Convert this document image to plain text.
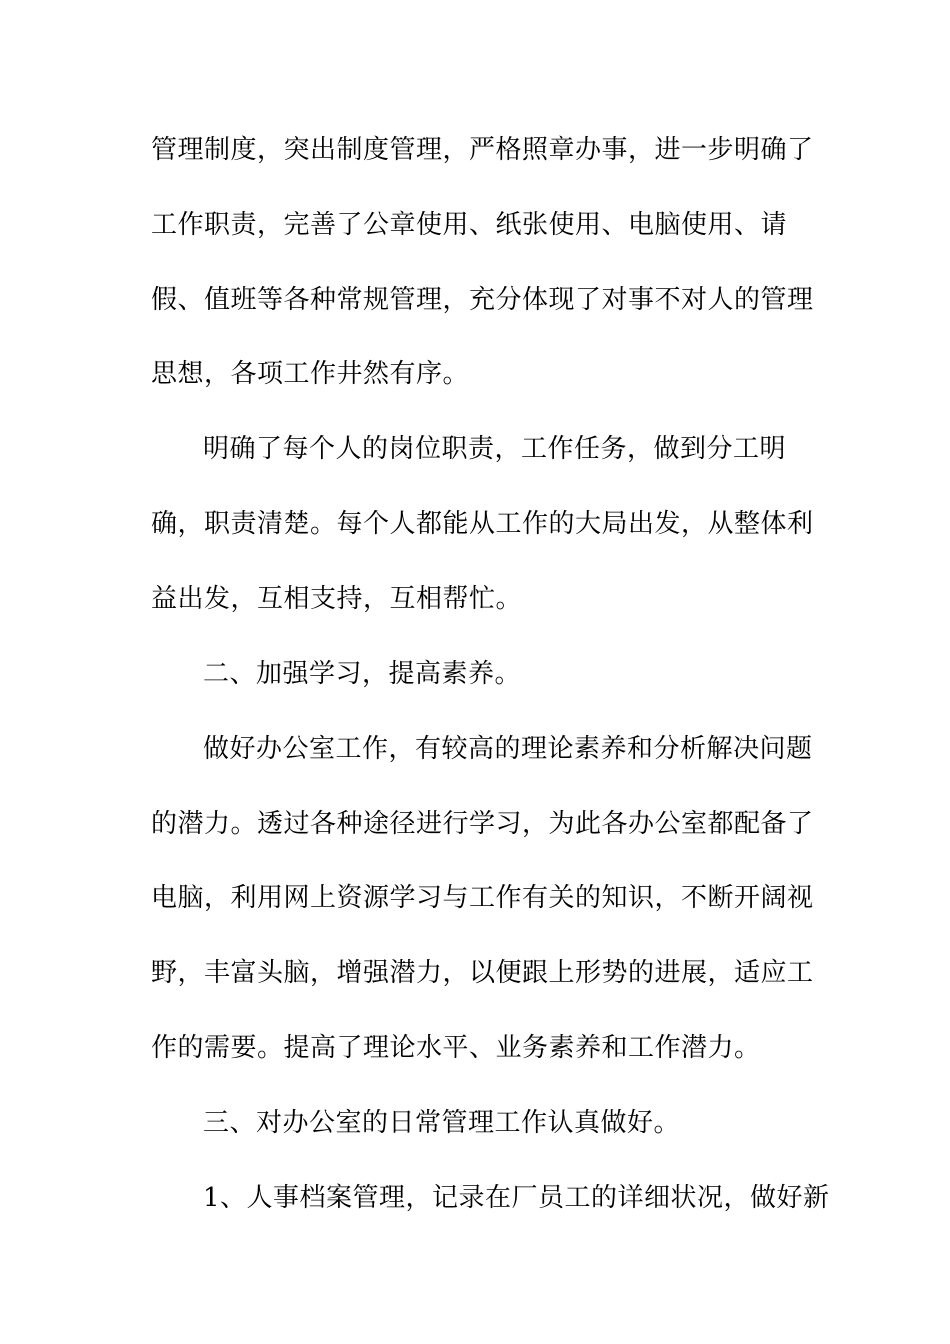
管理制度，突出制度管理，严格照章办事，进一步明确了
工作职责，完善了公章使用、纸张使用、电脑使用、请
假、值班等各种常规管理，充分体现了对事不对人的管理
思想，各项工作井然有序。
明确了每个人的岗位职责，工作任务，做到分工明
确，职责清楚。每个人都能从工作的大局出发，从整体利
益出发，互相支持，互相帮忙。
二、加强学习，提高素养。
做好办公室工作，有较高的理论素养和分析解决问题
的潜力。透过各种途径进行学习，为此各办公室都配备了
电脑，利用网上资源学习与工作有关的知识，不断开阔视
野，丰富头脑，增强潜力，以便跟上形势的进展，适应工
作的需要。提高了理论水平、业务素养和工作潜力。
三、对办公室的日常管理工作认真做好。
1、人事档案管理，记录在厂员工的详细状况，做好新
